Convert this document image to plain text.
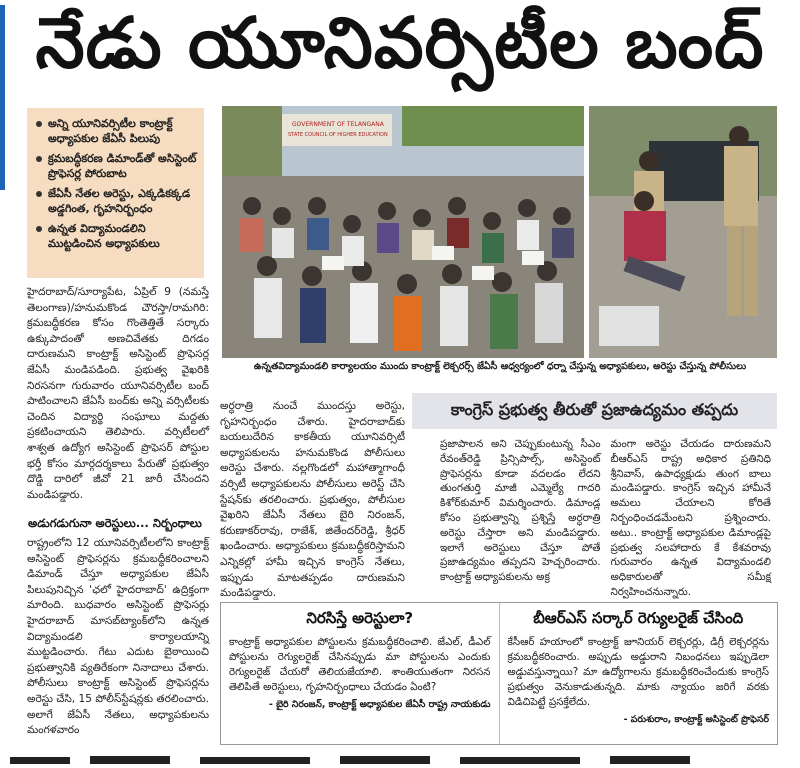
నేడు యూనివర్సిటీల బంద్
అన్ని యూనివర్సిటీల కాంట్రాక్ట్ అధ్యాపకుల జేఏసీ పిలుపు
క్రమబద్ధీకరణ డిమాండ్‌తో అసిస్టెంట్ ప్రొఫెసర్ల పోరుబాట
జేఏసీ నేతల అరెస్టు, ఎక్కడికక్కడ అడ్డగింత, గృహనిర్బంధం
ఉన్నత విద్యామండలిని ముట్టడించిన అధ్యాపకులు

హైదరాబాద్/సూర్యాపేట, ఏప్రిల్ 9 (నమస్తే తెలంగాణ)/హనుమకొండ చౌరస్తా/రామగిరి: క్రమబద్ధీకరణ కోసం గొంతెత్తితే సర్కారు ఉక్కుపాదంతో అణచివేతకు దిగడం దారుణమని కాంట్రాక్ట్ అసిస్టెంట్ ప్రొఫెసర్ల జేఏసీ మండిపడింది. ప్రభుత్వ వైఖరికి నిరసనగా గురువారం యూనివర్సిటీల బంద్ పాటించాలని జేఏసీ బంద్‌కు అన్ని వర్సిటీలకు చెందిన విద్యార్థి సంఘాలు మద్దతు ప్రకటించాయని తెలిపారు. వర్సిటీలలో శాశ్వత ఉద్యోగ అసిస్టెంట్ ప్రొఫెసర్ పోస్టుల భర్తీ కోసం మార్గదర్శకాలు పేరుతో ప్రభుత్వం దొడ్డి దారిలో జీవో 21 జారీ చేసిందని మండిపడ్డారు.

అడుగడుగునా అరెస్టులు... నిర్బంధాలు

రాష్ట్రంలోని 12 యూనివర్సిటీలలోని కాంట్రాక్ట్ అసిస్టెంట్ ప్రొఫెసర్లను క్రమబద్ధీకరించాలని డిమాండ్ చేస్తూ అధ్యాపకుల జేఏసీ పిలుపునిచ్చిన 'ఛలో హైదరాబాద్' ఉద్రిక్తంగా మారింది. బుధవారం అసిస్టెంట్ ప్రొఫెసర్లు హైదరాబాద్ మాసబ్‌ట్యాంక్‌లోని ఉన్నత విద్యామండలి కార్యాలయాన్ని ముట్టడించారు. గేటు ఎదుట బైఠాయించి ప్రభుత్వానికి వ్యతిరేకంగా నినాదాలు చేశారు. పోలీసులు కాంట్రాక్ట్ అసిస్టెంట్ ప్రొఫెసర్లను అరెస్టు చేసి, 15 పోలీస్‌స్టేషన్లకు తరలించారు. అలాగే జేఏసీ నేతలు, అధ్యాపకులను మంగళవారం

GOVERNMENT OF TELANGANA
STATE COUNCIL OF HIGHER EDUCATION
ఉన్నతవిద్యామండలి కార్యాలయం ముందు కాంట్రాక్ట్ లెక్చరర్స్ జేఏసీ ఆధ్వర్యంలో ధర్నా చేస్తున్న అధ్యాపకులు, అరెస్టు చేస్తున్న పోలీసులు

అర్ధరాత్రి నుంచే ముందస్తు అరెస్టు, గృహనిర్బంధం చేశారు. హైదరాబాద్‌కు బయలుదేరిన కాకతీయ యూనివర్సిటీ అధ్యాపకులను హనుమకొండ పోలీసులు అరెస్టు చేశారు. నల్లగొండలో మహాత్మాగాంధీ వర్సిటీ అధ్యాపకులను పోలీసులు అరెస్ట్ చేసి స్టేషన్‌కు తరలించారు. ప్రభుత్వం, పోలీసుల వైఖరిని జేఏసీ నేతలు బైరి నిరంజన్, కరుణాకర్‌రావు, రాజేశ్, జితేందర్‌రెడ్డి, శ్రీధర్ ఖండించారు. అధ్యాపకులు క్రమబద్ధీకరిస్తామని ఎన్నికల్లో హామీ ఇచ్చిన కాంగ్రెస్ నేతలు, ఇప్పుడు మాటతప్పడం దారుణమని మండిపడ్డారు.

కాంగ్రెస్ ప్రభుత్వ తీరుతో ప్రజాఉద్యమం తప్పదు
ప్రజాపాలన అని చెప్పుకుంటున్న సీఎం రేవంత్‌రెడ్డి ప్రిన్సిపాల్స్, అసిస్టెంట్ ప్రొఫెసర్లను కూడా వదలడం లేదని తుంగతుర్తి మాజీ ఎమ్మెల్యే గాదరి కిశోర్‌కుమార్ విమర్శించారు. డిమాండ్ల కోసం ప్రభుత్వాన్ని ప్రశ్నిస్తే అర్ధరాత్రి అరెస్టు చేస్తారా అని మండిపడ్డారు. ఇలాగే అరెస్టులు చేస్తూ పోతే ప్రజాఉద్యమం తప్పదని హెచ్చరించారు. కాంట్రాక్ట్ అధ్యాపకులను అక్ర
మంగా అరెస్టు చేయడం దారుణమని బీఆర్‌ఎస్ రాష్ట్ర అధికార ప్రతినిధి శ్రీనివాస్, ఉపాధ్యక్షుడు తుంగ బాలు మండిపడ్డారు. కాంగ్రెస్ ఇచ్చిన హామీనే అమలు చేయాలని కోరితే నిర్బంధించడమేంటని ప్రశ్నించారు. అటు.. కాంట్రాక్ట్ అధ్యాపకుల డిమాండ్లపై ప్రభుత్వ సలహాదారు కే కేశవరావు గురువారం ఉన్నత విద్యామండలి అధికారులతో సమీక్ష నిర్వహించనున్నారు.
నిరసిస్తే అరెస్టులా?
కాంట్రాక్ట్ అధ్యాపకుల పోస్టులను క్రమబద్ధీకరించాలి. జేఎల్, డీఎల్ పోస్టులను రెగ్యులరైజ్ చేసినప్పుడు మా పోస్టులను ఎందుకు రెగ్యులరైజ్ చేయరో తెలియజేయాలి. శాంతియుతంగా నిరసన తెలిపితే అరెస్టులు, గృహనిర్బంధాలు చేయడం ఏంటి?
- బైరి నిరంజన్, కాంట్రాక్ట్ అధ్యాపకుల జేఏసీ రాష్ట్ర నాయకుడు
బీఆర్‌ఎస్ సర్కార్ రెగ్యులరైజ్ చేసింది
కేసీఆర్ హయాంలో కాంట్రాక్ట్ జూనియర్ లెక్చరర్లు, డిగ్రీ లెక్చరర్లను క్రమబద్ధీకరించారు. అప్పుడు అడ్డురాని నిబంధనలు ఇప్పుడెలా అడ్డువస్తున్నాయి? మా ఉద్యోగాలను క్రమబద్ధీకరించేందుకు కాంగ్రెస్ ప్రభుత్వం వెనుకాడుతున్నది. మాకు న్యాయం జరిగే వరకు విడిచిపెట్టే ప్రసక్తేలేదు.
- పరుశురాం, కాంట్రాక్ట్ అసిస్టెంట్ ప్రొఫెసర్
